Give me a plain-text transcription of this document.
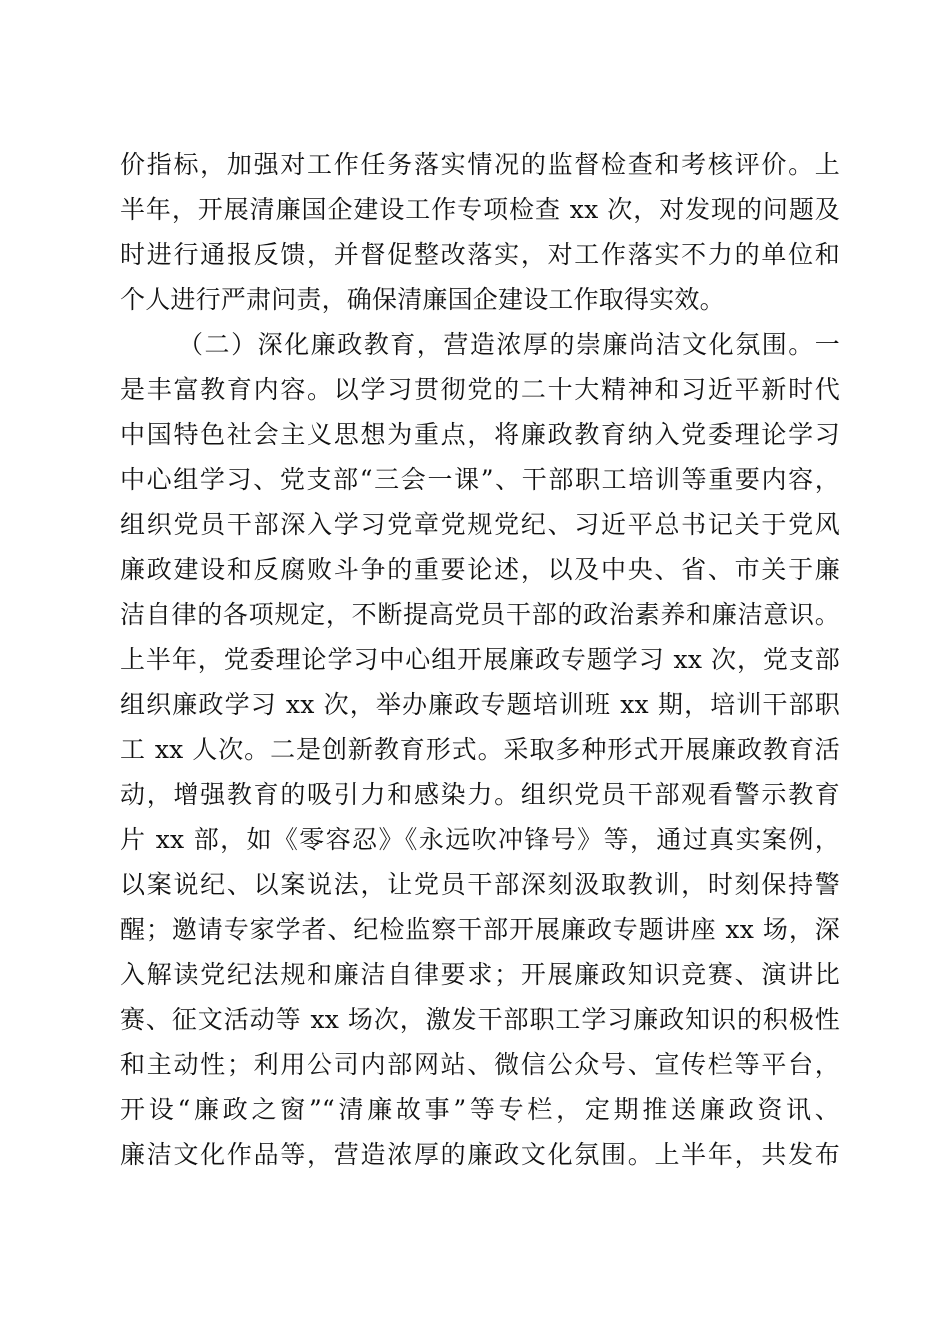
价指标，加强对工作任务落实情况的监督检查和考核评价。上
半年，开展清廉国企建设工作专项检查 xx 次，对发现的问题及
时进行通报反馈，并督促整改落实，对工作落实不力的单位和
个人进行严肃问责，确保清廉国企建设工作取得实效。
（二）深化廉政教育，营造浓厚的崇廉尚洁文化氛围。一
是丰富教育内容。以学习贯彻党的二十大精神和习近平新时代
中国特色社会主义思想为重点，将廉政教育纳入党委理论学习
中心组学习、党支部“三会一课”、干部职工培训等重要内容，
组织党员干部深入学习党章党规党纪、习近平总书记关于党风
廉政建设和反腐败斗争的重要论述，以及中央、省、市关于廉
洁自律的各项规定，不断提高党员干部的政治素养和廉洁意识。
上半年，党委理论学习中心组开展廉政专题学习 xx 次，党支部
组织廉政学习 xx 次，举办廉政专题培训班 xx 期，培训干部职
工 xx 人次。二是创新教育形式。采取多种形式开展廉政教育活
动，增强教育的吸引力和感染力。组织党员干部观看警示教育
片 xx 部，如《零容忍》《永远吹冲锋号》等，通过真实案例，
以案说纪、以案说法，让党员干部深刻汲取教训，时刻保持警
醒；邀请专家学者、纪检监察干部开展廉政专题讲座 xx 场，深
入解读党纪法规和廉洁自律要求；开展廉政知识竞赛、演讲比
赛、征文活动等 xx 场次，激发干部职工学习廉政知识的积极性
和主动性；利用公司内部网站、微信公众号、宣传栏等平台，
开设“廉政之窗”“清廉故事”等专栏，定期推送廉政资讯、
廉洁文化作品等，营造浓厚的廉政文化氛围。上半年，共发布
